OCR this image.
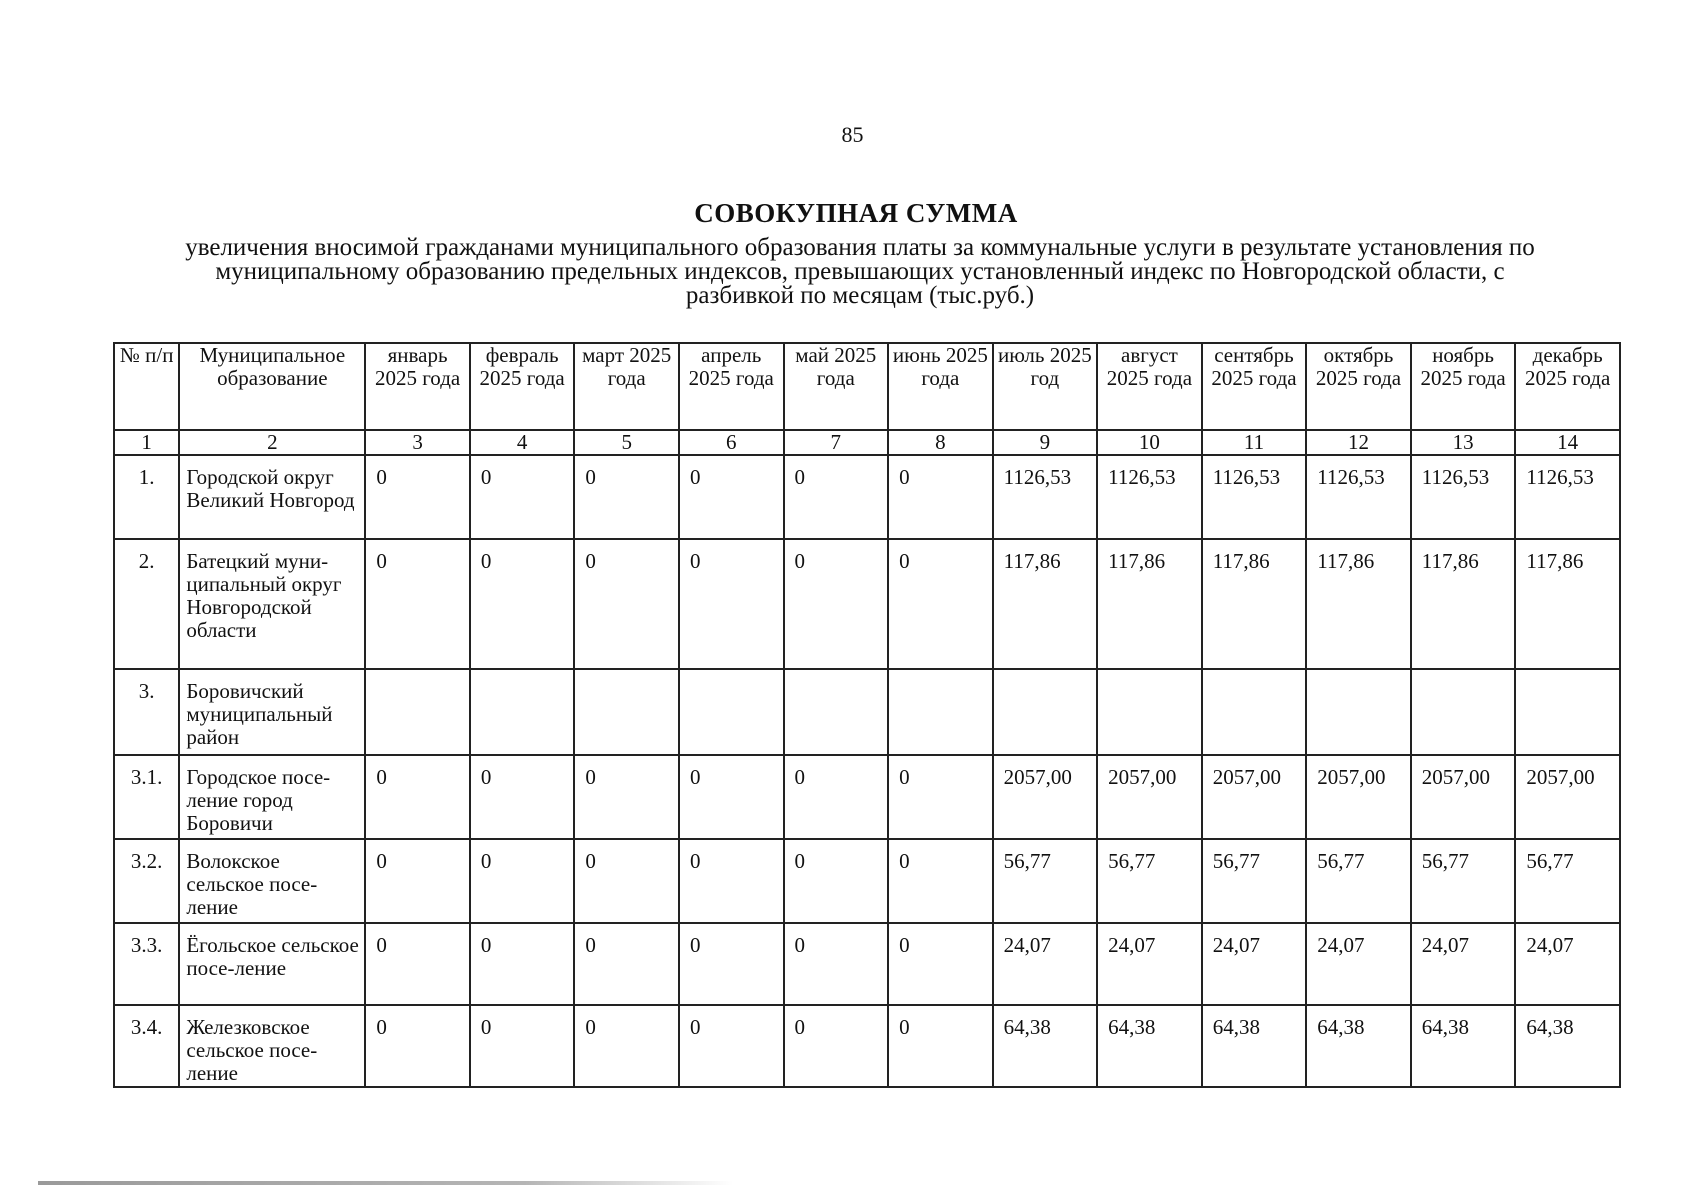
85
СОВОКУПНАЯ СУММА
увеличения вносимой гражданами муниципального образования платы за коммунальные услуги в результате установления по муниципальному образованию предельных индексов, превышающих установленный индекс по Новгородской области, с разбивкой по месяцам (тыс.руб.)
№ п/п	Муниципальное образование	январь 2025 года	февраль 2025 года	март 2025 года	апрель 2025 года	май 2025 года	июнь 2025 года	июль 2025 год	август 2025 года	сентябрь 2025 года	октябрь 2025 года	ноябрь 2025 года	декабрь 2025 года
1	2	3	4	5	6	7	8	9	10	11	12	13	14
1.	Городской округ Великий Новгород	0	0	0	0	0	0	1126,53	1126,53	1126,53	1126,53	1126,53	1126,53
2.	Батецкий муни-ципальный округ Новгородской области	0	0	0	0	0	0	117,86	117,86	117,86	117,86	117,86	117,86
3.	Боровичский муниципальный район												
3.1.	Городское посе-ление город Боровичи	0	0	0	0	0	0	2057,00	2057,00	2057,00	2057,00	2057,00	2057,00
3.2.	Волокское сельское посе-ление	0	0	0	0	0	0	56,77	56,77	56,77	56,77	56,77	56,77
3.3.	Ёгольское сельское посе-ление	0	0	0	0	0	0	24,07	24,07	24,07	24,07	24,07	24,07
3.4.	Железковское сельское посе-ление	0	0	0	0	0	0	64,38	64,38	64,38	64,38	64,38	64,38
